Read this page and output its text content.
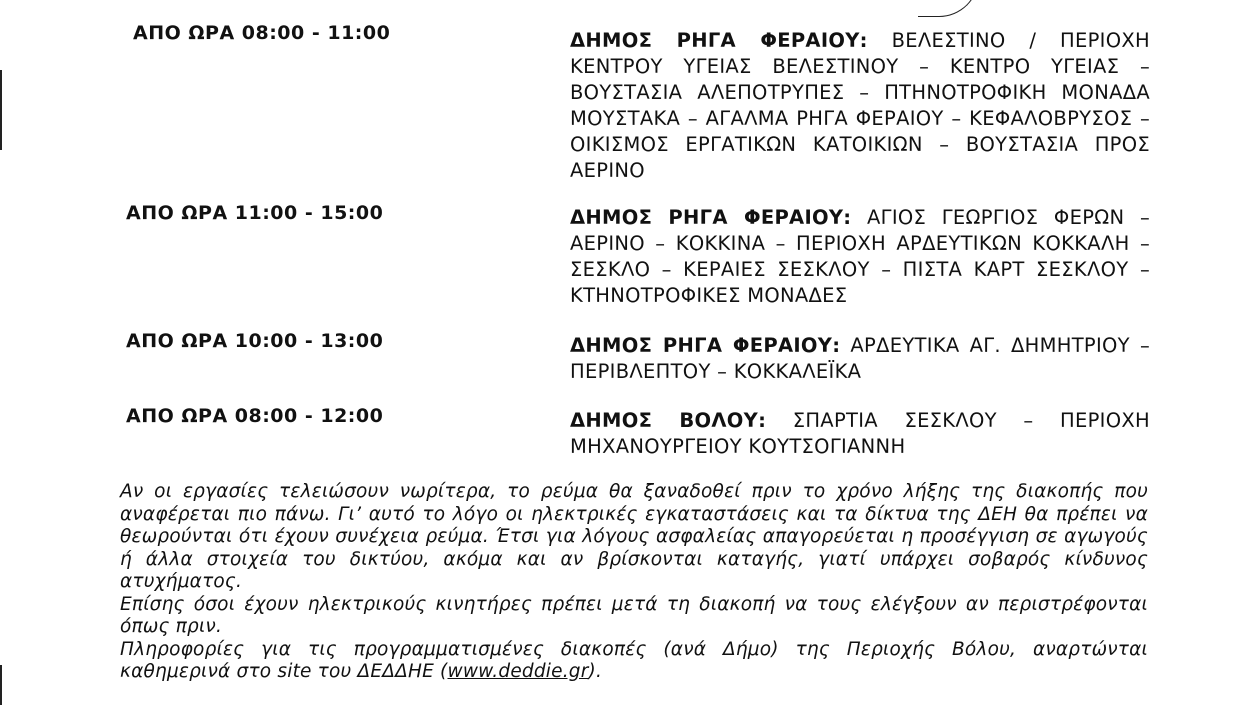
ΑΠΟ ΩΡΑ 08:00 - 11:00	ΔΗΜΟΣ ΡΗΓΑ ΦΕΡΑΙΟΥ: ΒΕΛΕΣΤΙΝΟ / ΠΕΡΙΟΧΗ ΚΕΝΤΡΟΥ ΥΓΕΙΑΣ ΒΕΛΕΣΤΙΝΟΥ – ΚΕΝΤΡΟ ΥΓΕΙΑΣ – ΒΟΥΣΤΑΣΙΑ ΑΛΕΠΟΤΡΥΠΕΣ – ΠΤΗΝΟΤΡΟΦΙΚΗ ΜΟΝΑΔΑ ΜΟΥΣΤΑΚΑ – ΑΓΑΛΜΑ ΡΗΓΑ ΦΕΡΑΙΟΥ – ΚΕΦΑΛΟΒΡΥΣΟΣ – ΟΙΚΙΣΜΟΣ ΕΡΓΑΤΙΚΩΝ ΚΑΤΟΙΚΙΩΝ – ΒΟΥΣΤΑΣΙΑ ΠΡΟΣ ΑΕΡΙΝΟ
ΑΠΟ ΩΡΑ 11:00 - 15:00	ΔΗΜΟΣ ΡΗΓΑ ΦΕΡΑΙΟΥ: ΑΓΙΟΣ ΓΕΩΡΓΙΟΣ ΦΕΡΩΝ – ΑΕΡΙΝΟ – ΚΟΚΚΙΝΑ – ΠΕΡΙΟΧΗ ΑΡΔΕΥΤΙΚΩΝ ΚΟΚΚΑΛΗ – ΣΕΣΚΛΟ – ΚΕΡΑΙΕΣ ΣΕΣΚΛΟΥ – ΠΙΣΤΑ ΚΑΡΤ ΣΕΣΚΛΟΥ – ΚΤΗΝΟΤΡΟΦΙΚΕΣ ΜΟΝΑΔΕΣ
ΑΠΟ ΩΡΑ 10:00 - 13:00	ΔΗΜΟΣ ΡΗΓΑ ΦΕΡΑΙΟΥ: ΑΡΔΕΥΤΙΚΑ ΑΓ. ΔΗΜΗΤΡΙΟΥ – ΠΕΡΙΒΛΕΠΤΟΥ – ΚΟΚΚΑΛΕΪΚΑ
ΑΠΟ ΩΡΑ 08:00 - 12:00	ΔΗΜΟΣ ΒΟΛΟΥ: ΣΠΑΡΤΙΑ ΣΕΣΚΛΟΥ – ΠΕΡΙΟΧΗ ΜΗΧΑΝΟΥΡΓΕΙΟΥ ΚΟΥΤΣΟΓΙΑΝΝΗ

Αν οι εργασίες τελειώσουν νωρίτερα, το ρεύμα θα ξαναδοθεί πριν το χρόνο λήξης της διακοπής που αναφέρεται πιο πάνω. Γι’ αυτό το λόγο οι ηλεκτρικές εγκαταστάσεις και τα δίκτυα της ΔΕΗ θα πρέπει να θεωρούνται ότι έχουν συνέχεια ρεύμα. Έτσι για λόγους ασφαλείας απαγορεύεται η προσέγγιση σε αγωγούς ή άλλα στοιχεία του δικτύου, ακόμα και αν βρίσκονται καταγής, γιατί υπάρχει σοβαρός κίνδυνος ατυχήματος.

Επίσης όσοι έχουν ηλεκτρικούς κινητήρες πρέπει μετά τη διακοπή να τους ελέγξουν αν περιστρέφονται όπως πριν.

Πληροφορίες για τις προγραμματισμένες διακοπές (ανά Δήμο) της Περιοχής Βόλου, αναρτώνται καθημερινά στο site του ΔΕΔΔΗΕ (www.deddie.gr).
